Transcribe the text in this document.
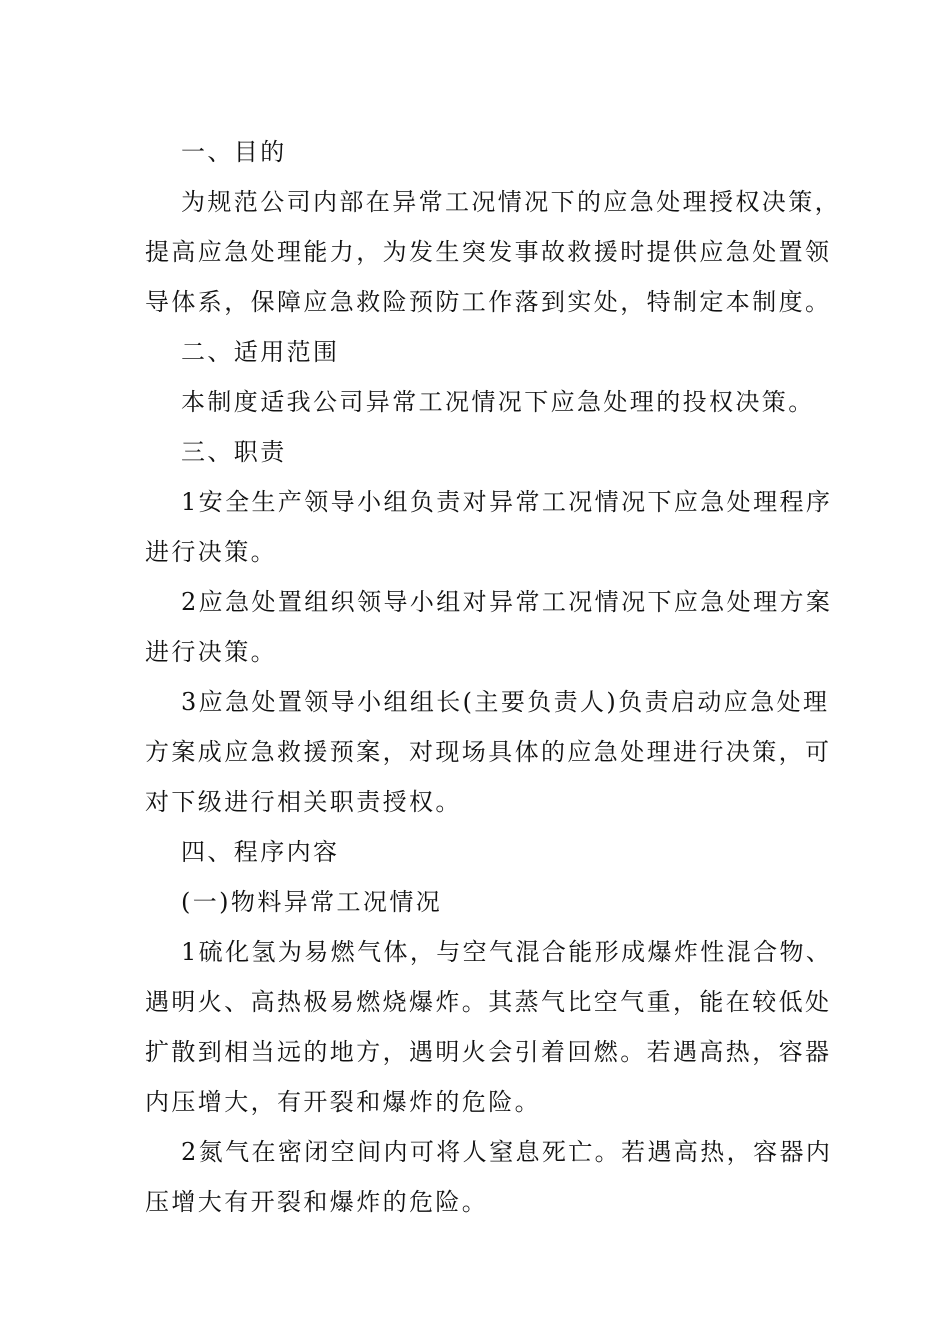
一、目的
为规范公司内部在异常工况情况下的应急处理授权决策，
提高应急处理能力，为发生突发事故救援时提供应急处置领
导体系，保障应急救险预防工作落到实处，特制定本制度。
二、适用范围
本制度适我公司异常工况情况下应急处理的投权决策。
三、职责
1安全生产领导小组负责对异常工况情况下应急处理程序
进行决策。
2应急处置组织领导小组对异常工况情况下应急处理方案
进行决策。
3应急处置领导小组组长(主要负责人)负责启动应急处理
方案成应急救援预案，对现场具体的应急处理进行决策，可
对下级进行相关职责授权。
四、程序内容
(一)物料异常工况情况
1硫化氢为易燃气体，与空气混合能形成爆炸性混合物、
遇明火、高热极易燃烧爆炸。其蒸气比空气重，能在较低处
扩散到相当远的地方，遇明火会引着回燃。若遇高热，容器
内压增大，有开裂和爆炸的危险。
2氮气在密闭空间内可将人窒息死亡。若遇高热，容器内
压增大有开裂和爆炸的危险。
